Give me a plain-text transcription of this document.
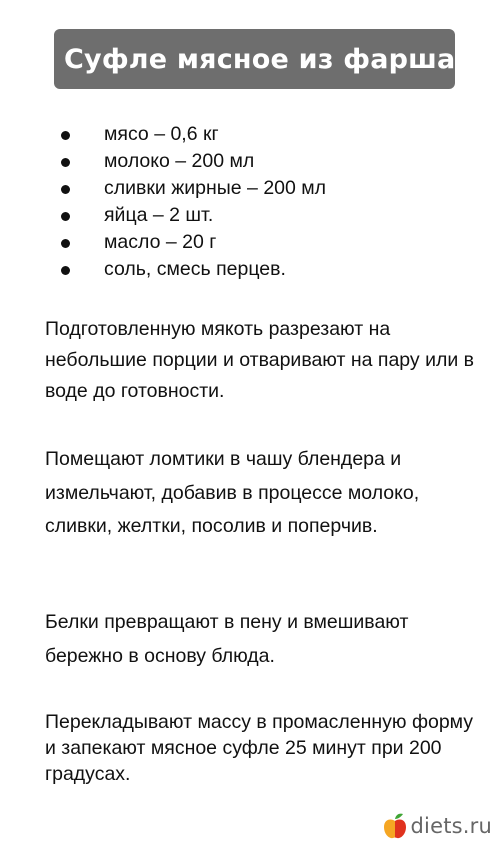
Суфле мясное из фарша
мясо – 0,6 кг
молоко – 200 мл
сливки жирные – 200 мл
яйца – 2 шт.
масло – 20 г
соль, смесь перцев.

Подготовленную мякоть разрезают на небольшие порции и отваривают на пару или в воде до готовности.

Помещают ломтики в чашу блендера и измельчают, добавив в процессе молоко, сливки, желтки, посолив и поперчив.

Белки превращают в пену и вмешивают бережно в основу блюда.

Перекладывают массу в промасленную форму и запекают мясное суфле 25 минут при 200 градусах.

diets.ru
